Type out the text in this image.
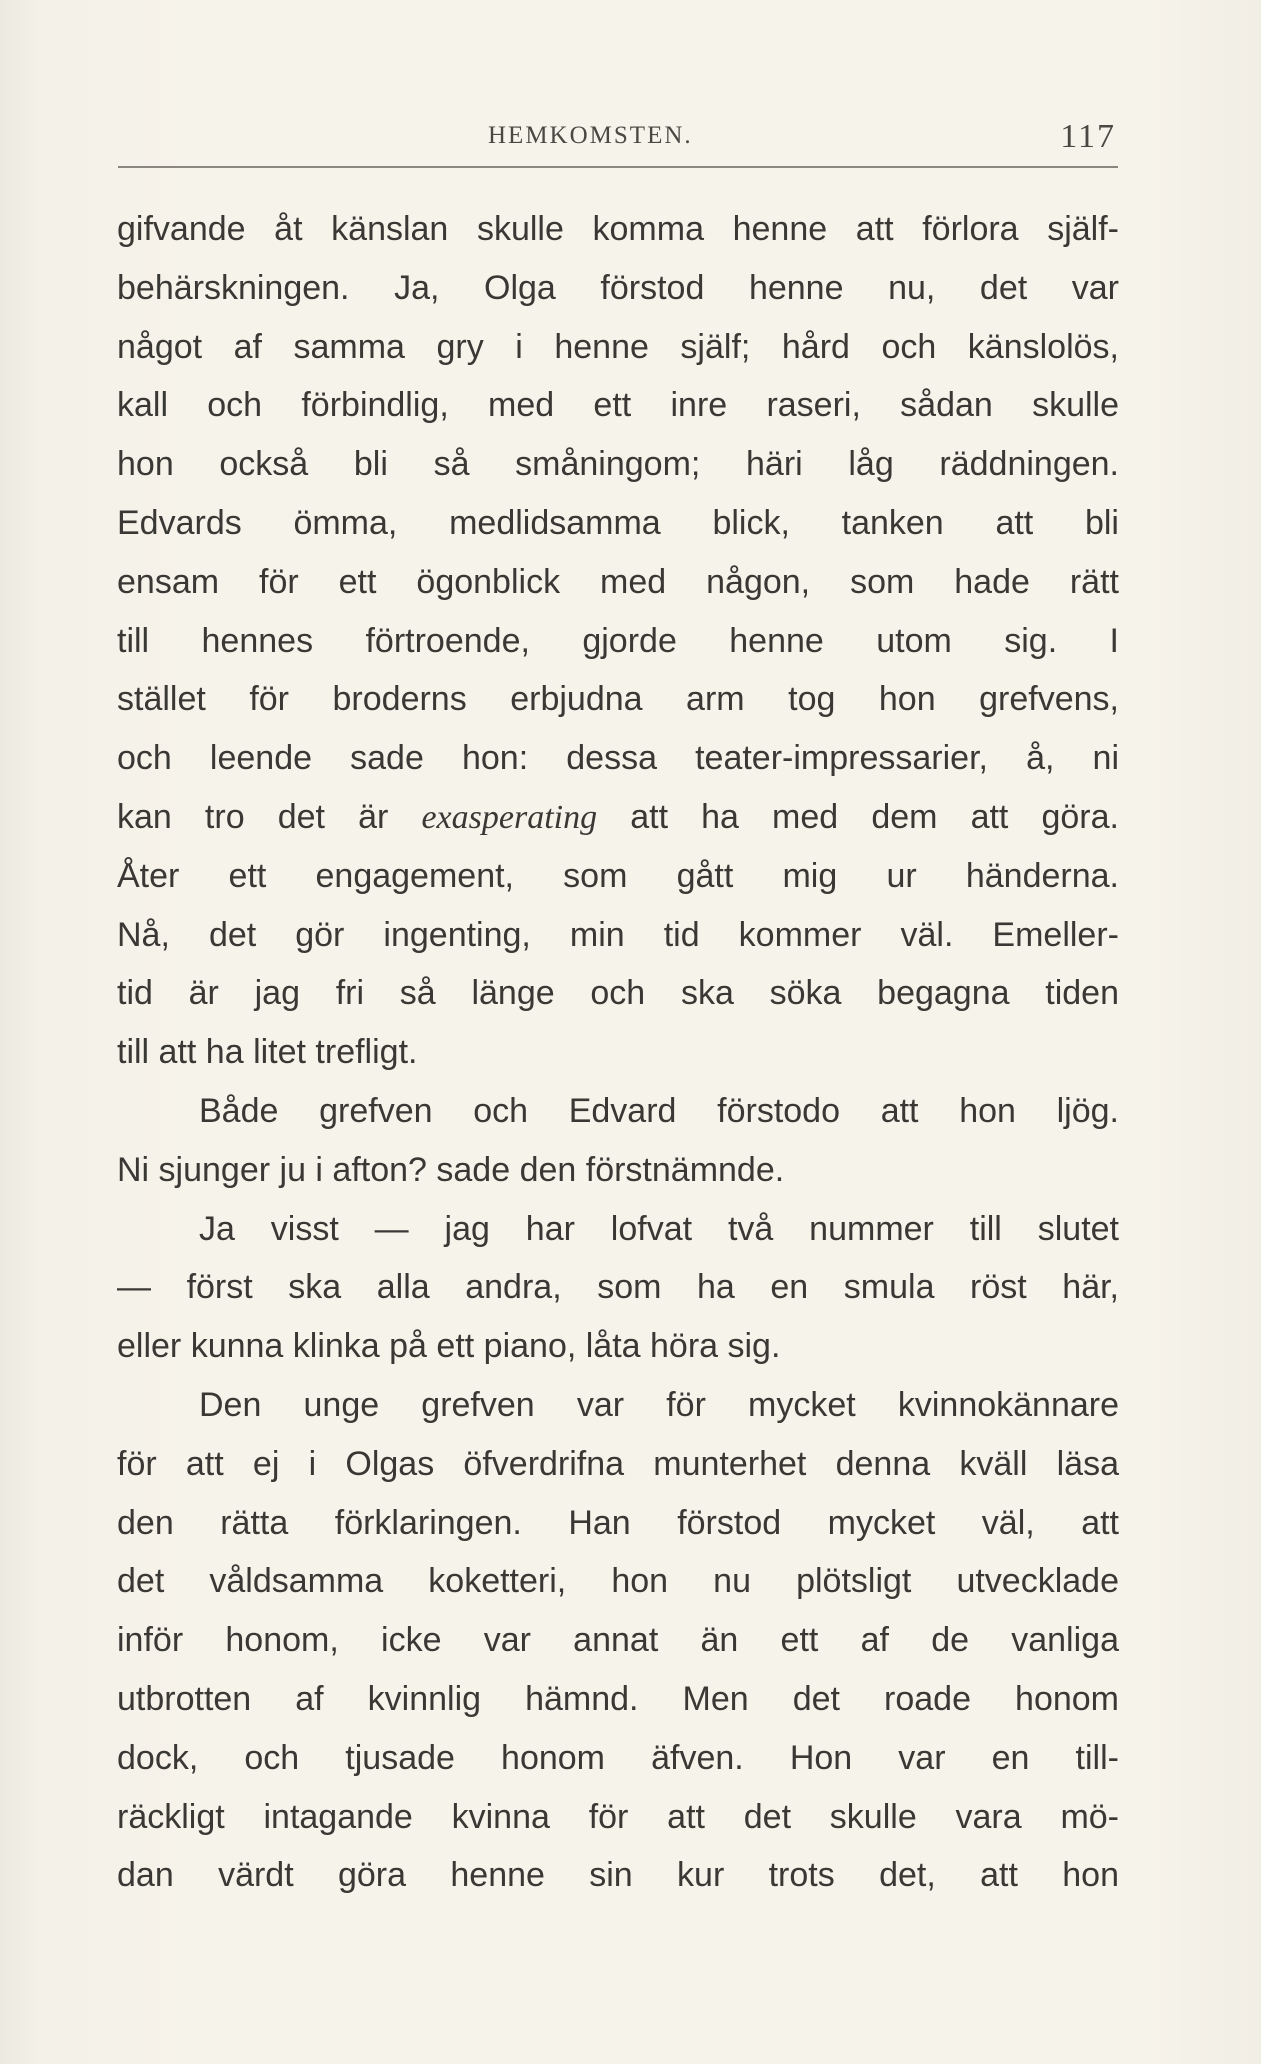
HEMKOMSTEN.	117
gifvande åt känslan skulle komma henne att förlora själf-
behärskningen. Ja, Olga förstod henne nu, det var
något af samma gry i henne själf; hård och känslolös,
kall och förbindlig, med ett inre raseri, sådan skulle
hon också bli så småningom; häri låg räddningen.
Edvards ömma, medlidsamma blick, tanken att bli
ensam för ett ögonblick med någon, som hade rätt
till hennes förtroende, gjorde henne utom sig. I
stället för broderns erbjudna arm tog hon grefvens,
och leende sade hon: dessa teater-impressarier, å, ni
kan tro det är exasperating att ha med dem att göra.
Åter ett engagement, som gått mig ur händerna.
Nå, det gör ingenting, min tid kommer väl. Emeller-
tid är jag fri så länge och ska söka begagna tiden
till att ha litet trefligt.
Både grefven och Edvard förstodo att hon ljög.
Ni sjunger ju i afton? sade den förstnämnde.
Ja visst — jag har lofvat två nummer till slutet
— först ska alla andra, som ha en smula röst här,
eller kunna klinka på ett piano, låta höra sig.
Den unge grefven var för mycket kvinnokännare
för att ej i Olgas öfverdrifna munterhet denna kväll läsa
den rätta förklaringen. Han förstod mycket väl, att
det våldsamma koketteri, hon nu plötsligt utvecklade
inför honom, icke var annat än ett af de vanliga
utbrotten af kvinnlig hämnd. Men det roade honom
dock, och tjusade honom äfven. Hon var en till-
räckligt intagande kvinna för att det skulle vara mö-
dan värdt göra henne sin kur trots det, att hon
